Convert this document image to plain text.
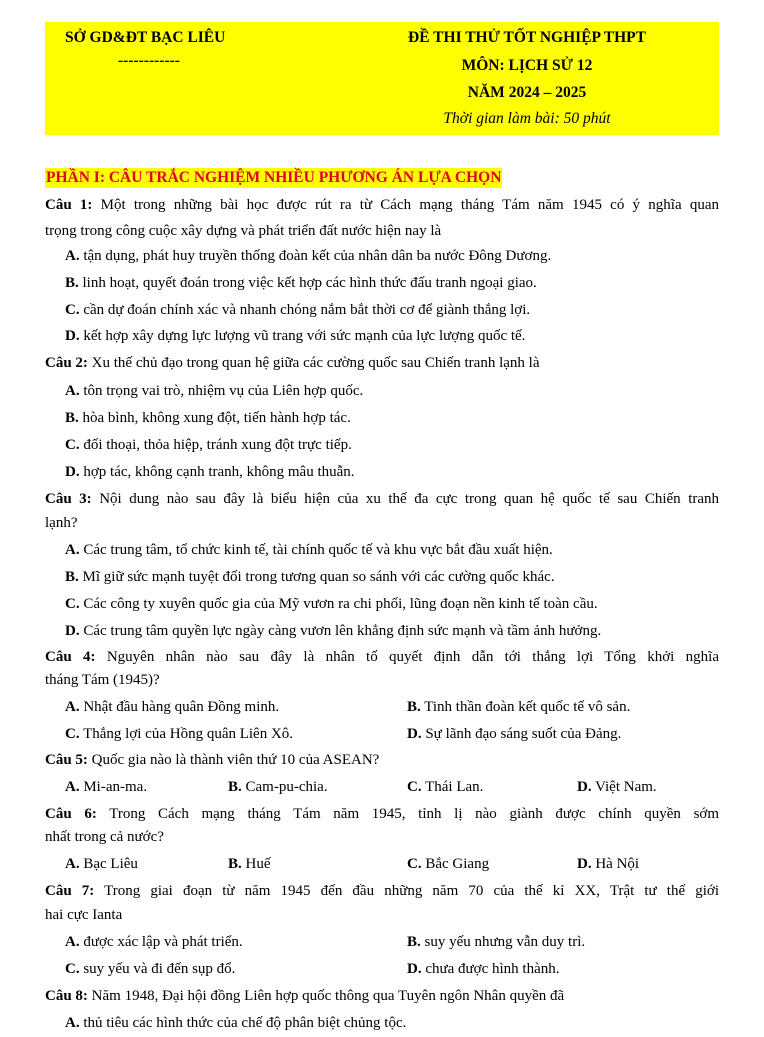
SỞ GD&ĐT BẠC LIÊU
------------
ĐỀ THI THỬ TỐT NGHIỆP THPT
MÔN: LỊCH SỬ 12
NĂM 2024 – 2025
Thời gian làm bài: 50 phút
PHẦN I: CÂU TRẮC NGHIỆM NHIỀU PHƯƠNG ÁN LỰA CHỌN
Câu 1: Một trong những bài học được rút ra từ Cách mạng tháng Tám năm 1945 có ý nghĩa quan
trọng trong công cuộc xây dựng và phát triển đất nước hiện nay là
A. tận dụng, phát huy truyền thống đoàn kết của nhân dân ba nước Đông Dương.
B. linh hoạt, quyết đoán trong việc kết hợp các hình thức đấu tranh ngoại giao.
C. cần dự đoán chính xác và nhanh chóng nắm bắt thời cơ để giành thắng lợi.
D. kết hợp xây dựng lực lượng vũ trang với sức mạnh của lực lượng quốc tế.
Câu 2: Xu thế chủ đạo trong quan hệ giữa các cường quốc sau Chiến tranh lạnh là
A. tôn trọng vai trò, nhiệm vụ của Liên hợp quốc.
B. hòa bình, không xung đột, tiến hành hợp tác.
C. đối thoại, thỏa hiệp, tránh xung đột trực tiếp.
D. hợp tác, không cạnh tranh, không mâu thuẫn.
Câu 3: Nội dung nào sau đây là biểu hiện của xu thế đa cực trong quan hệ quốc tế sau Chiến tranh
lạnh?
A. Các trung tâm, tổ chức kinh tế, tài chính quốc tế và khu vực bắt đầu xuất hiện.
B. Mĩ giữ sức mạnh tuyệt đối trong tương quan so sánh với các cường quốc khác.
C. Các công ty xuyên quốc gia của Mỹ vươn ra chi phối, lũng đoạn nền kinh tế toàn cầu.
D. Các trung tâm quyền lực ngày càng vươn lên khẳng định sức mạnh và tầm ảnh hưởng.
Câu 4: Nguyên nhân nào sau đây là nhân tố quyết định dẫn tới thắng lợi Tổng khởi nghĩa
tháng Tám (1945)?
A. Nhật đầu hàng quân Đồng minh.	B. Tinh thần đoàn kết quốc tế vô sản.
C. Thắng lợi của Hồng quân Liên Xô.	D. Sự lãnh đạo sáng suốt của Đảng.
Câu 5: Quốc gia nào là thành viên thứ 10 của ASEAN?
A. Mi-an-ma.	B. Cam-pu-chia.	C. Thái Lan.	D. Việt Nam.
Câu 6: Trong Cách mạng tháng Tám năm 1945, tỉnh lị nào giành được chính quyền sớm
nhất trong cả nước?
A. Bạc Liêu	B. Huế	C. Bắc Giang	D. Hà Nội
Câu 7: Trong giai đoạn từ năm 1945 đến đầu những năm 70 của thế kỉ XX, Trật tư thế giới
hai cực Ianta
A. được xác lập và phát triển.	B. suy yếu nhưng vẫn duy trì.
C. suy yếu và đi đến sụp đổ.	D. chưa được hình thành.
Câu 8: Năm 1948, Đại hội đồng Liên hợp quốc thông qua Tuyên ngôn Nhân quyền đã
A. thủ tiêu các hình thức của chế độ phân biệt chủng tộc.
